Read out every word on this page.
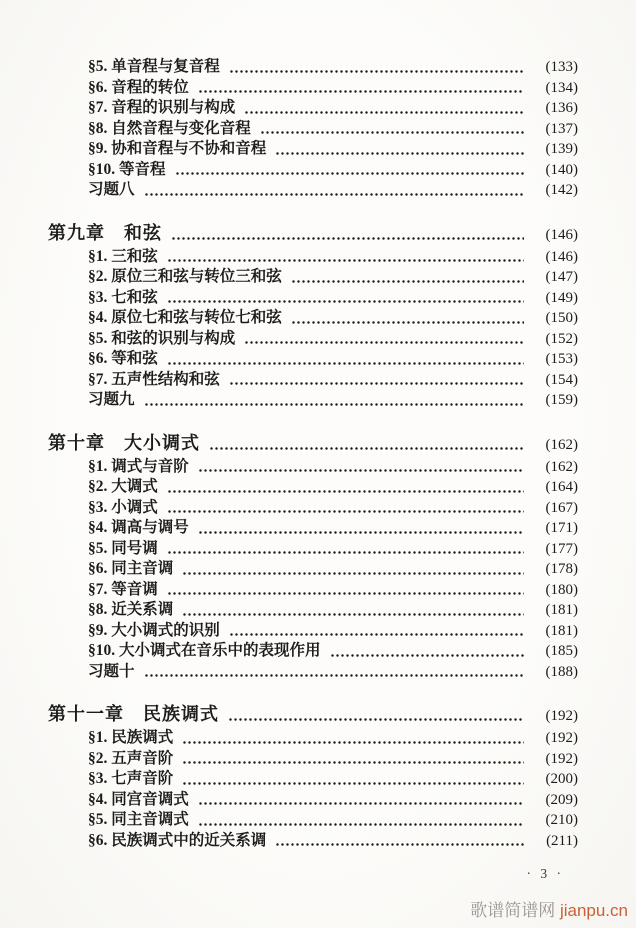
§5. 单音程与复音程	(133)
§6. 音程的转位	(134)
§7. 音程的识别与构成	(136)
§8. 自然音程与变化音程	(137)
§9. 协和音程与不协和音程	(139)
§10. 等音程	(140)
习题八	(142)
第九章　和弦	(146)
§1. 三和弦	(146)
§2. 原位三和弦与转位三和弦	(147)
§3. 七和弦	(149)
§4. 原位七和弦与转位七和弦	(150)
§5. 和弦的识别与构成	(152)
§6. 等和弦	(153)
§7. 五声性结构和弦	(154)
习题九	(159)
第十章　大小调式	(162)
§1. 调式与音阶	(162)
§2. 大调式	(164)
§3. 小调式	(167)
§4. 调高与调号	(171)
§5. 同号调	(177)
§6. 同主音调	(178)
§7. 等音调	(180)
§8. 近关系调	(181)
§9. 大小调式的识别	(181)
§10. 大小调式在音乐中的表现作用	(185)
习题十	(188)
第十一章　民族调式	(192)
§1. 民族调式	(192)
§2. 五声音阶	(192)
§3. 七声音阶	(200)
§4. 同宫音调式	(209)
§5. 同主音调式	(210)
§6. 民族调式中的近关系调	(211)
· 3 ·
歌谱简谱网 jianpu.cn
